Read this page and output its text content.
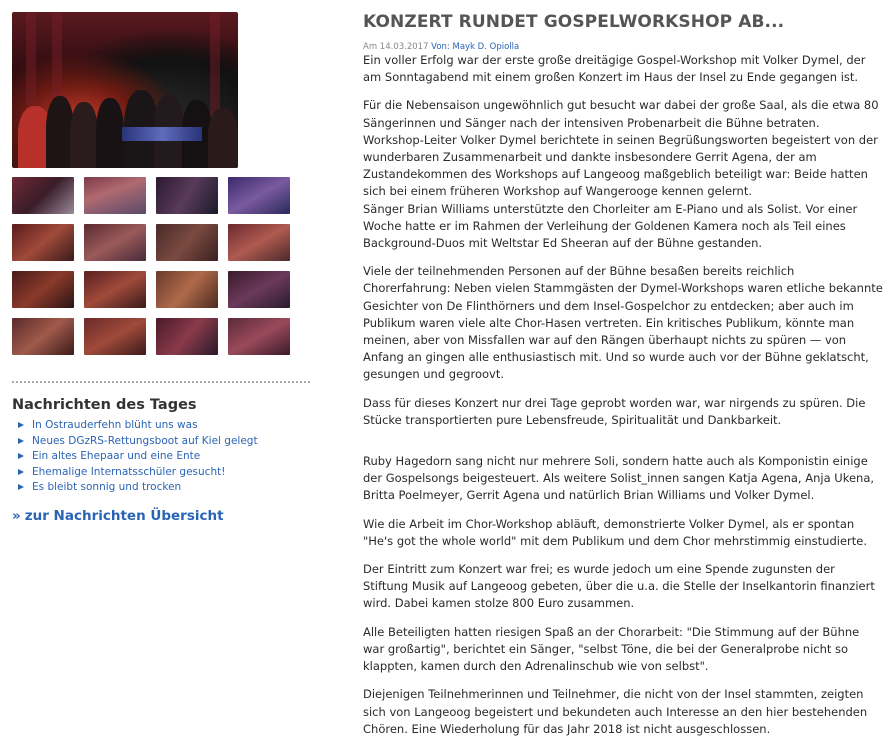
Nachrichten des Tages
In Ostrauderfehn blüht uns was
Neues DGzRS-Rettungsboot auf Kiel gelegt
Ein altes Ehepaar und eine Ente
Ehemalige Internatsschüler gesucht!
Es bleibt sonnig und trocken
» zur Nachrichten Übersicht
KONZERT RUNDET GOSPELWORKSHOP AB...
Am 14.03.2017 Von: Mayk D. Opiolla

Ein voller Erfolg war der erste große dreitägige Gospel-Workshop mit Volker Dymel, der am Sonntagabend mit einem großen Konzert im Haus der Insel zu Ende gegangen ist.

Für die Nebensaison ungewöhnlich gut besucht war dabei der große Saal, als die etwa 80 Sängerinnen und Sänger nach der intensiven Probenarbeit die Bühne betraten. Workshop-Leiter Volker Dymel berichtete in seinen Begrüßungsworten begeistert von der wunderbaren Zusammenarbeit und dankte insbesondere Gerrit Agena, der am Zustandekommen des Workshops auf Langeoog maßgeblich beteiligt war: Beide hatten sich bei einem früheren Workshop auf Wangerooge kennen gelernt.

Sänger Brian Williams unterstützte den Chorleiter am E-Piano und als Solist. Vor einer Woche hatte er im Rahmen der Verleihung der Goldenen Kamera noch als Teil eines Background-Duos mit Weltstar Ed Sheeran auf der Bühne gestanden.

Viele der teilnehmenden Personen auf der Bühne besaßen bereits reichlich Chorerfahrung: Neben vielen Stammgästen der Dymel-Workshops waren etliche bekannte Gesichter von De Flinthörners und dem Insel-Gospelchor zu entdecken; aber auch im Publikum waren viele alte Chor-Hasen vertreten. Ein kritisches Publikum, könnte man meinen, aber von Missfallen war auf den Rängen überhaupt nichts zu spüren — von Anfang an gingen alle enthusiastisch mit. Und so wurde auch vor der Bühne geklatscht, gesungen und gegroovt.

Dass für dieses Konzert nur drei Tage geprobt worden war, war nirgends zu spüren. Die Stücke transportierten pure Lebensfreude, Spiritualität und Dankbarkeit.

Ruby Hagedorn sang nicht nur mehrere Soli, sondern hatte auch als Komponistin einige der Gospelsongs beigesteuert. Als weitere Solist_innen sangen Katja Agena, Anja Ukena, Britta Poelmeyer, Gerrit Agena und natürlich Brian Williams und Volker Dymel.

Wie die Arbeit im Chor-Workshop abläuft, demonstrierte Volker Dymel, als er spontan "He's got the whole world" mit dem Publikum und dem Chor mehrstimmig einstudierte.

Der Eintritt zum Konzert war frei; es wurde jedoch um eine Spende zugunsten der Stiftung Musik auf Langeoog gebeten, über die u.a. die Stelle der Inselkantorin finanziert wird. Dabei kamen stolze 800 Euro zusammen.

Alle Beteiligten hatten riesigen Spaß an der Chorarbeit: "Die Stimmung auf der Bühne war großartig", berichtet ein Sänger, "selbst Töne, die bei der Generalprobe nicht so klappten, kamen durch den Adrenalinschub wie von selbst".

Diejenigen Teilnehmerinnen und Teilnehmer, die nicht von der Insel stammten, zeigten sich von Langeoog begeistert und bekundeten auch Interesse an den hier bestehenden Chören. Eine Wiederholung für das Jahr 2018 ist nicht ausgeschlossen.
